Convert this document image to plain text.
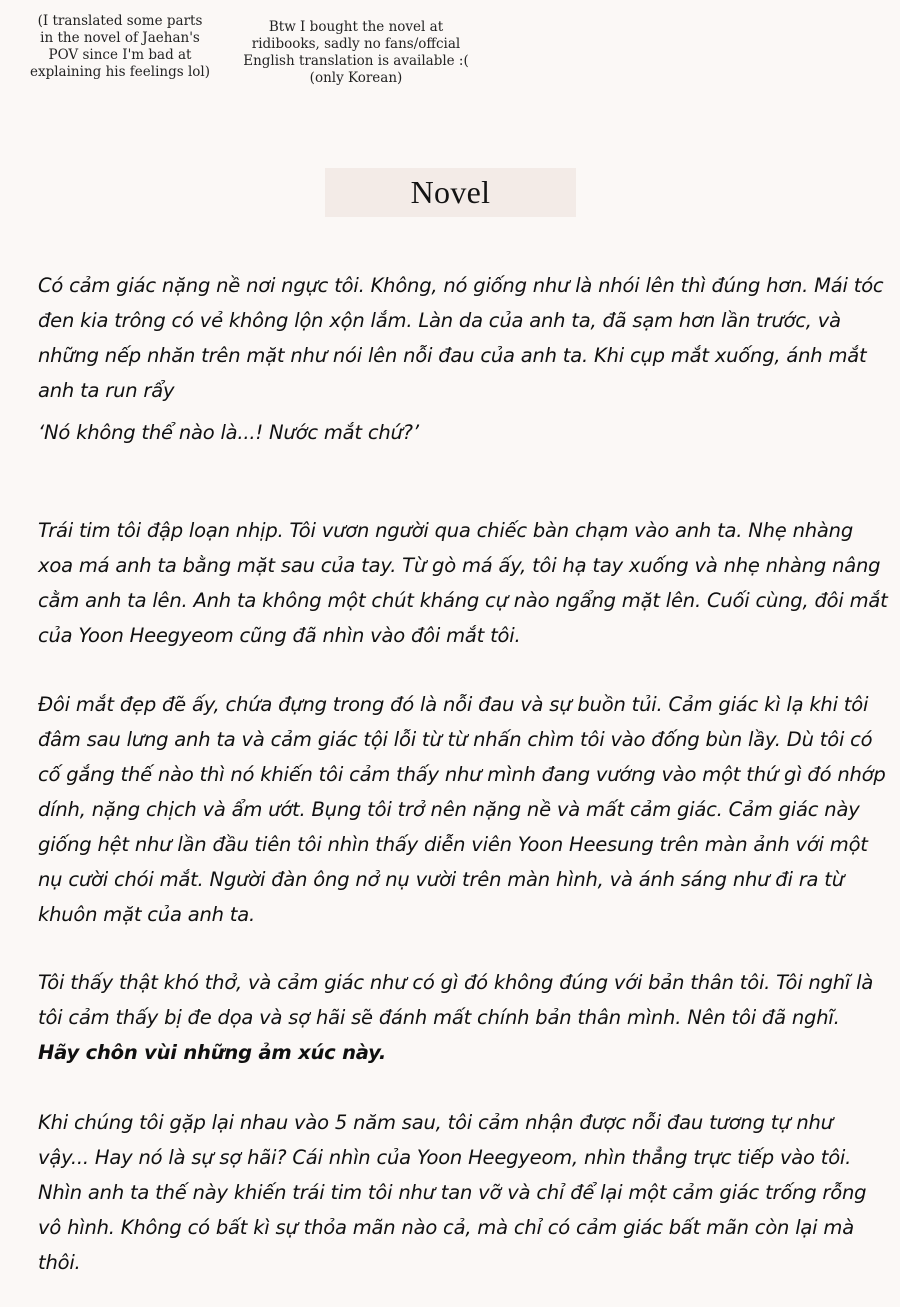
(I translated some parts in the novel of Jaehan's POV since I'm bad at explaining his feelings lol)
Btw I bought the novel at ridibooks, sadly no fans/offcial English translation is available :( (only Korean)
Novel
Có cảm giác nặng nề nơi ngực tôi. Không, nó giống như là nhói lên thì đúng hơn. Mái tóc đen kia trông có vẻ không lộn xộn lắm. Làn da của anh ta, đã sạm hơn lần trước, và những nếp nhăn trên mặt như nói lên nỗi đau của anh ta. Khi cụp mắt xuống, ánh mắt anh ta run rẩy
‘Nó không thể nào là...! Nước mắt chứ?’
Trái tim tôi đập loạn nhịp. Tôi vươn người qua chiếc bàn chạm vào anh ta. Nhẹ nhàng xoa má anh ta bằng mặt sau của tay. Từ gò má ấy, tôi hạ tay xuống và nhẹ nhàng nâng cằm anh ta lên. Anh ta không một chút kháng cự nào ngẩng mặt lên. Cuối cùng, đôi mắt của Yoon Heegyeom cũng đã nhìn vào đôi mắt tôi.
Đôi mắt đẹp đẽ ấy, chứa đựng trong đó là nỗi đau và sự buồn tủi. Cảm giác kì lạ khi tôi đâm sau lưng anh ta và cảm giác tội lỗi từ từ nhấn chìm tôi vào đống bùn lầy. Dù tôi có cố gắng thế nào thì nó khiến tôi cảm thấy như mình đang vướng vào một thứ gì đó nhớp dính, nặng chịch và ẩm ướt. Bụng tôi trở nên nặng nề và mất cảm giác. Cảm giác này giống hệt như lần đầu tiên tôi nhìn thấy diễn viên Yoon Heesung trên màn ảnh với một nụ cười chói mắt. Người đàn ông nở nụ vười trên màn hình, và ánh sáng như đi ra từ khuôn mặt của anh ta.
Tôi thấy thật khó thở, và cảm giác như có gì đó không đúng với bản thân tôi. Tôi nghĩ là tôi cảm thấy bị đe dọa và sợ hãi sẽ đánh mất chính bản thân mình. Nên tôi đã nghĩ.
Hãy chôn vùi những ảm xúc này.
Khi chúng tôi gặp lại nhau vào 5 năm sau, tôi cảm nhận được nỗi đau tương tự như vậy... Hay nó là sự sợ hãi? Cái nhìn của Yoon Heegyeom, nhìn thẳng trực tiếp vào tôi. Nhìn anh ta thế này khiến trái tim tôi như tan vỡ và chỉ để lại một cảm giác trống rỗng vô hình. Không có bất kì sự thỏa mãn nào cả, mà chỉ có cảm giác bất mãn còn lại mà thôi.
